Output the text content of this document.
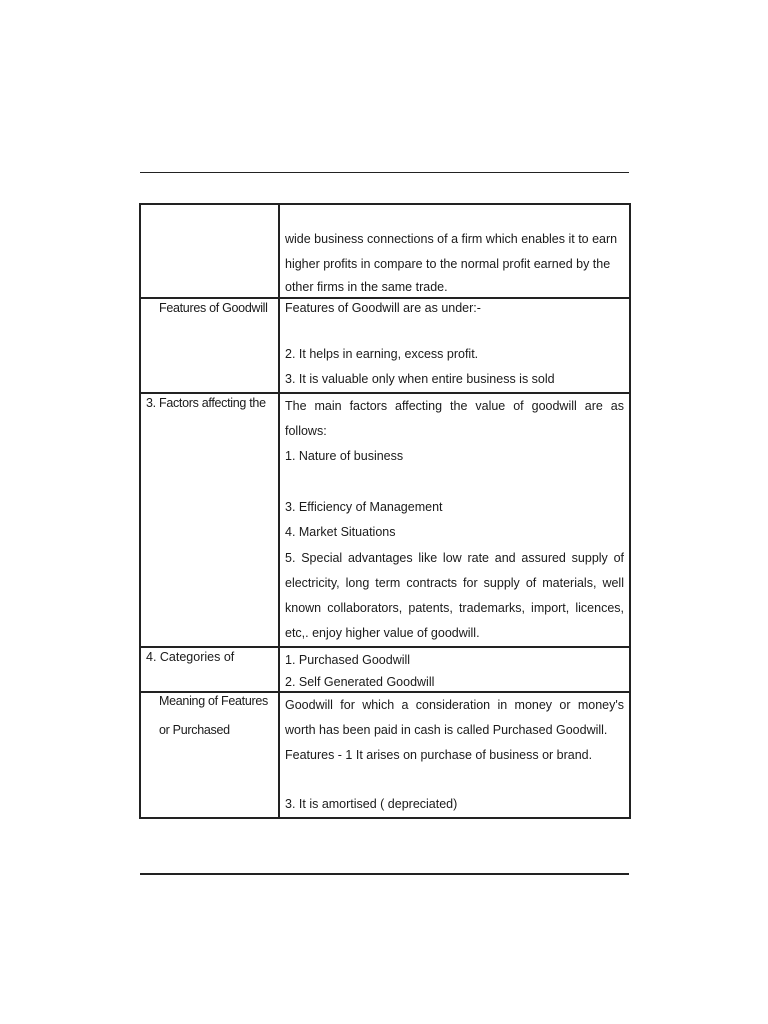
	wide business connections of a firm which enables it to earn
higher profits in compare to the normal profit earned by the
other firms in the same trade.

Features of Goodwill	Features of Goodwill are as under:-
2. It helps in earning, excess profit.
3. It is valuable only when entire business is sold

3. Factors affecting the	The main factors affecting the value of goodwill are as follows:
1. Nature of business
3. Efficiency of Management
4. Market Situations
5. Special advantages like low rate and assured supply of electricity, long term contracts for supply of materials, well known collaborators, patents, trademarks, import, licences, etc,. enjoy higher value of goodwill.

4. Categories of	1. Purchased Goodwill
2. Self Generated Goodwill

Meaning of Features
or Purchased	Goodwill for which a consideration in money or money's worth has been paid in cash is called Purchased Goodwill.
Features - 1 It arises on purchase of business or brand.
3. It is amortised ( depreciated)
